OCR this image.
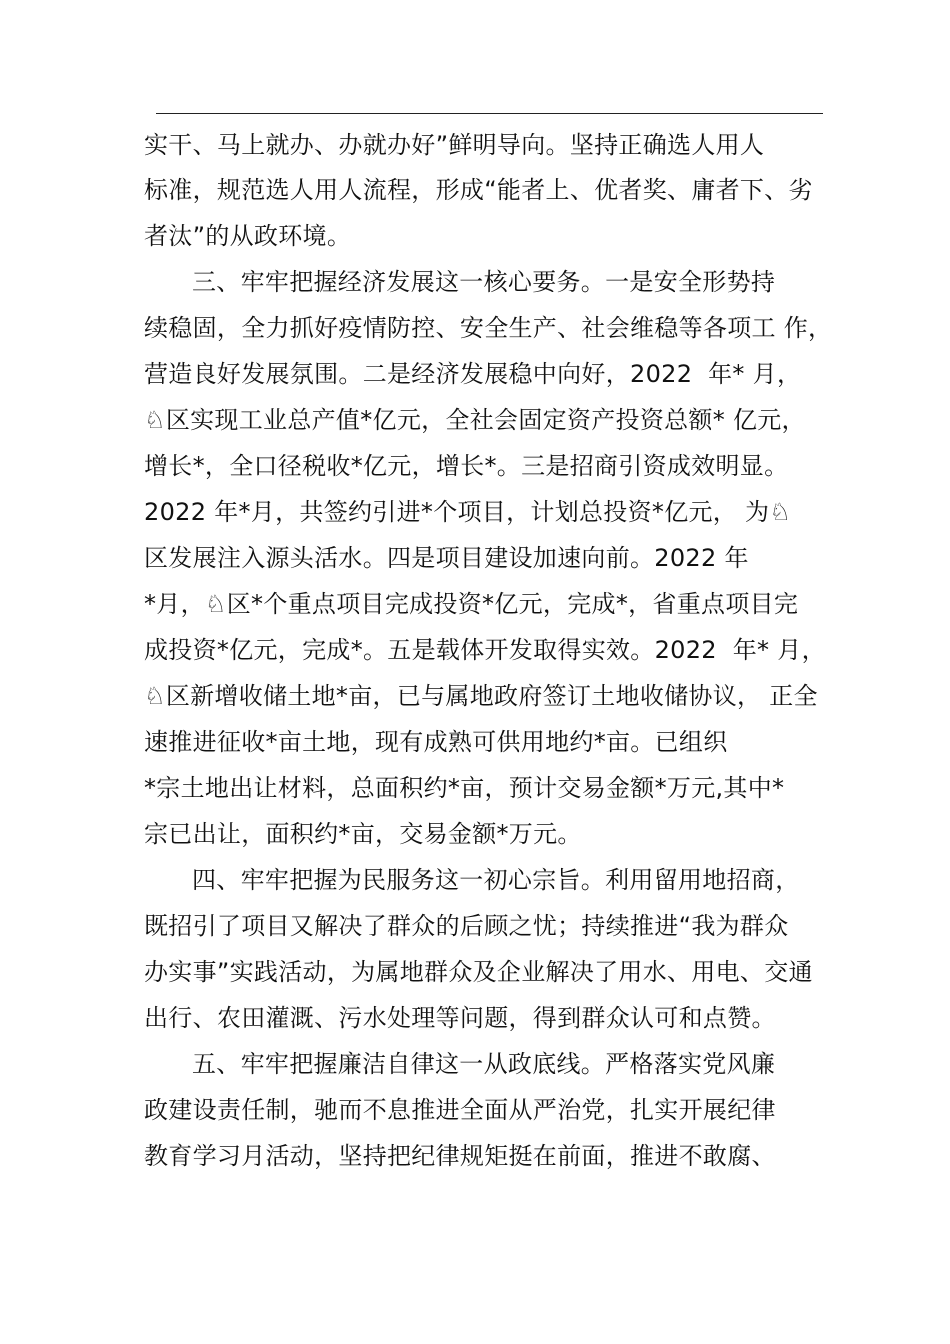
实干、马上就办、办就办好”鲜明导向。坚持正确选人用人
标准，规范选人用人流程，形成“能者上、优者奖、庸者下、劣
者汰”的从政环境。
三、牢牢把握经济发展这一核心要务。一是安全形势持
续稳固，全力抓好疫情防控、安全生产、社会维稳等各项工 作，
营造良好发展氛围。二是经济发展稳中向好，2022  年* 月，
♘区实现工业总产值*亿元，全社会固定资产投资总额* 亿元，
增长*，全口径税收*亿元，增长*。三是招商引资成效明显。
2022 年*月，共签约引进*个项目，计划总投资*亿元， 为♘
区发展注入源头活水。四是项目建设加速向前。2022 年
*月，♘区*个重点项目完成投资*亿元，完成*，省重点项目完
成投资*亿元，完成*。五是载体开发取得实效。2022  年* 月，
♘区新增收储土地*亩，已与属地政府签订土地收储协议， 正全
速推进征收*亩土地，现有成熟可供用地约*亩。已组织
*宗土地出让材料，总面积约*亩，预计交易金额*万元,其中*
宗已出让，面积约*亩，交易金额*万元。
四、牢牢把握为民服务这一初心宗旨。利用留用地招商，
既招引了项目又解决了群众的后顾之忧；持续推进“我为群众
办实事”实践活动，为属地群众及企业解决了用水、用电、交通
出行、农田灌溉、污水处理等问题，得到群众认可和点赞。
五、牢牢把握廉洁自律这一从政底线。严格落实党风廉
政建设责任制，驰而不息推进全面从严治党，扎实开展纪律
教育学习月活动，坚持把纪律规矩挺在前面，推进不敢腐、
